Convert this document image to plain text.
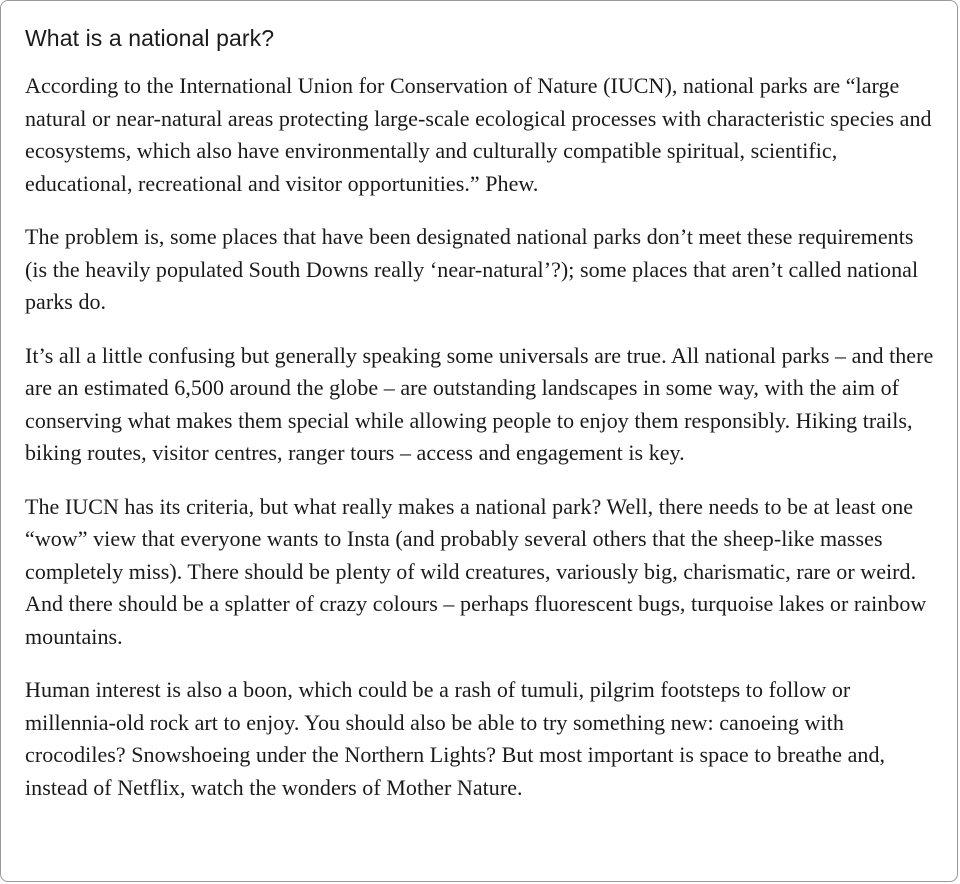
What is a national park?

According to the International Union for Conservation of Nature (IUCN), national parks are “large natural or near-natural areas protecting large-scale ecological processes with characteristic species and ecosystems, which also have environmentally and culturally compatible spiritual, scientific, educational, recreational and visitor opportunities.” Phew.

The problem is, some places that have been designated national parks don’t meet these requirements (is the heavily populated South Downs really ‘near-natural’?); some places that aren’t called national parks do.

It’s all a little confusing but generally speaking some universals are true. All national parks – and there are an estimated 6,500 around the globe – are outstanding landscapes in some way, with the aim of conserving what makes them special while allowing people to enjoy them responsibly. Hiking trails, biking routes, visitor centres, ranger tours – access and engagement is key.

The IUCN has its criteria, but what really makes a national park? Well, there needs to be at least one “wow” view that everyone wants to Insta (and probably several others that the sheep-like masses completely miss). There should be plenty of wild creatures, variously big, charismatic, rare or weird. And there should be a splatter of crazy colours – perhaps fluorescent bugs, turquoise lakes or rainbow mountains.

Human interest is also a boon, which could be a rash of tumuli, pilgrim footsteps to follow or millennia-old rock art to enjoy. You should also be able to try something new: canoeing with crocodiles? Snowshoeing under the Northern Lights? But most important is space to breathe and, instead of Netflix, watch the wonders of Mother Nature.
